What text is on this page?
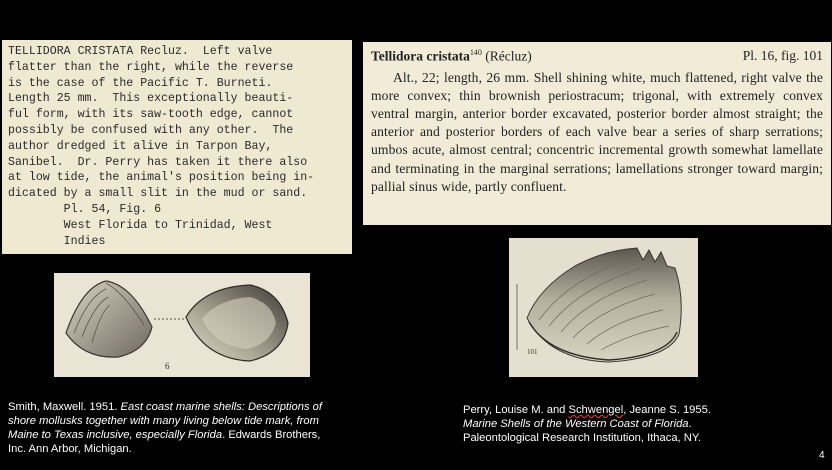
TELLIDORA CRISTATA Recluz.  Left valve
flatter than the right, while the reverse
is the case of the Pacific T. Burneti.
Length 25 mm.  This exceptionally beauti-
ful form, with its saw-tooth edge, cannot
possibly be confused with any other.  The
author dredged it alive in Tarpon Bay,
Sanibel.  Dr. Perry has taken it there also
at low tide, the animal's position being in-
dicated by a small slit in the mud or sand.
Pl. 54, Fig. 6
West Florida to Trinidad, West
Indies
Tellidora cristata$^{140}$ (Récluz)	Pl. 16, fig. 101
Alt., 22; length, 26 mm. Shell shining white, much flattened, right valve the more convex; thin brownish periostracum; trigonal, with extremely convex ventral margin, anterior border excavated, posterior border almost straight; the anterior and posterior borders of each valve bear a series of sharp serrations; umbos acute, almost central; concentric incremental growth somewhat lamellate and terminating in the marginal serrations; lamellations stronger toward margin; pallial sinus wide, partly confluent.
6
101
Smith, Maxwell. 1951. East coast marine shells: Descriptions of shore mollusks together with many living below tide mark, from Maine to Texas inclusive, especially Florida. Edwards Brothers, Inc. Ann Arbor, Michigan.
Perry, Louise M. and Schwengel, Jeanne S. 1955.
Marine Shells of the Western Coast of Florida.
Paleontological Research Institution, Ithaca, NY.
4
